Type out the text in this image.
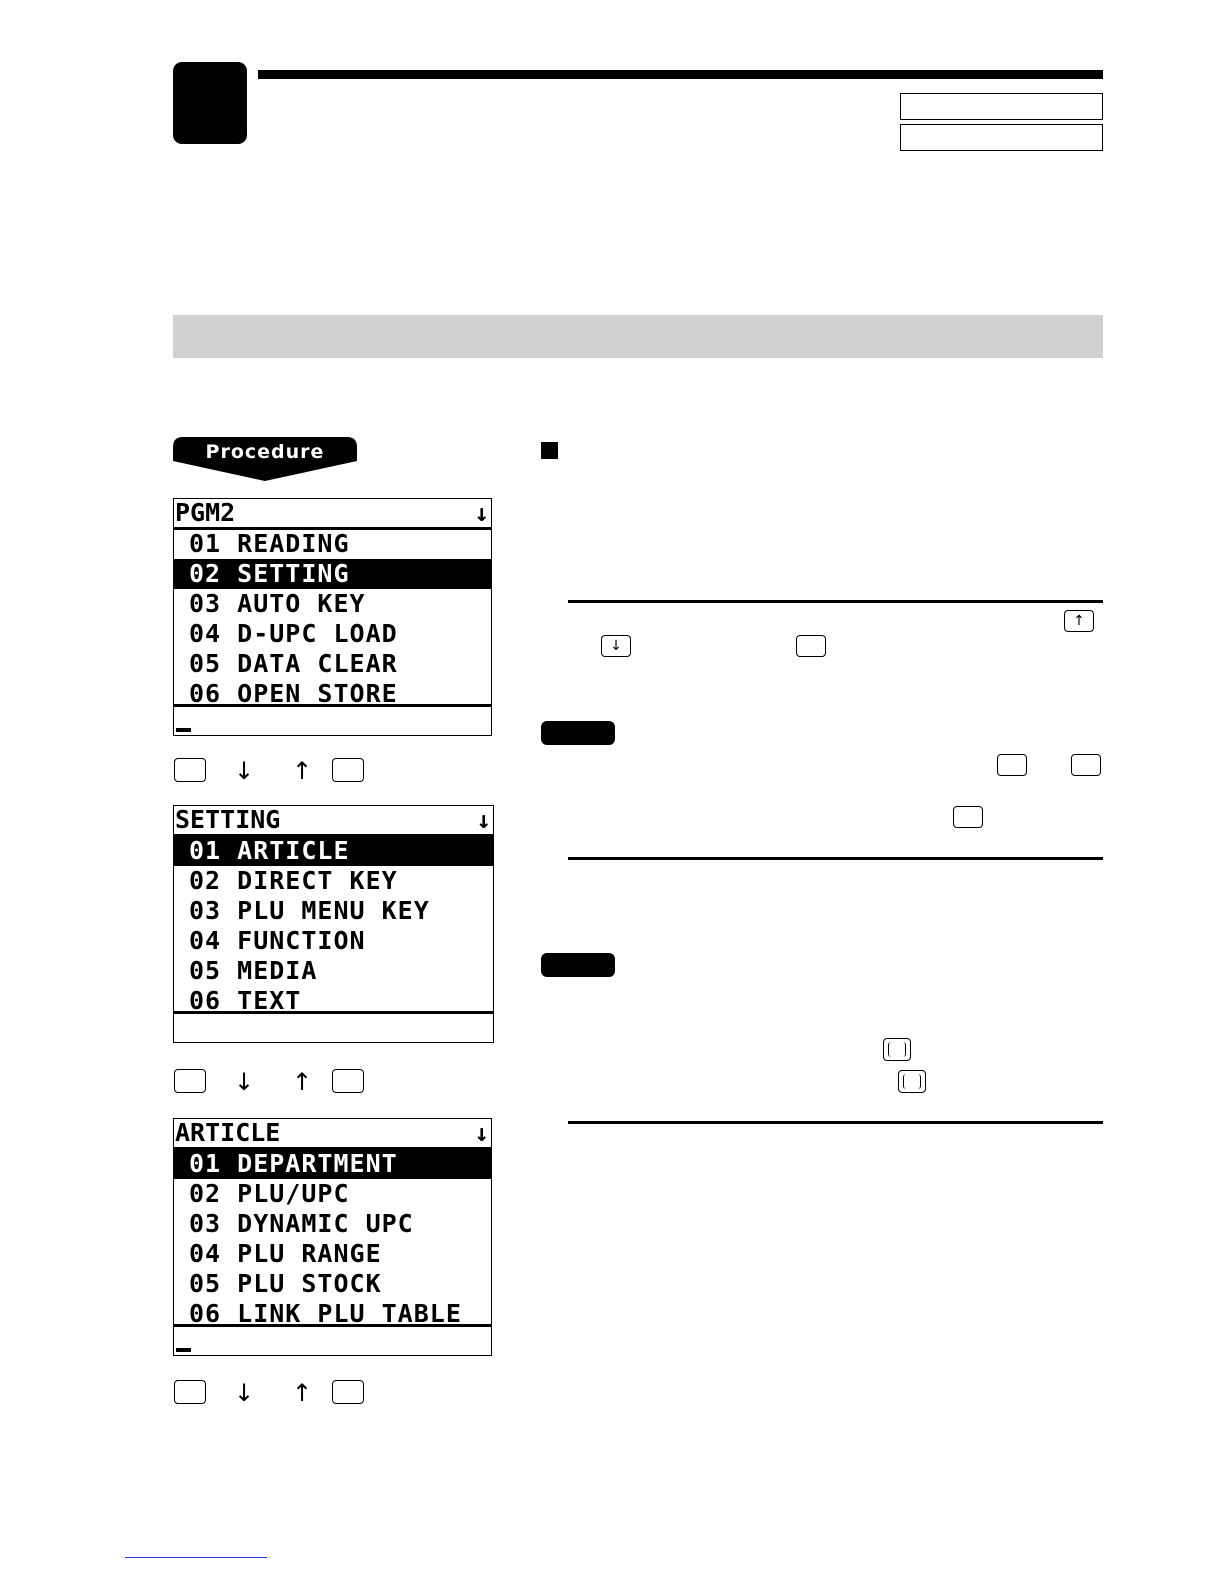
Procedure
PGM2	↓
01 READING
02 SETTING
03 AUTO KEY
04 D-UPC LOAD
05 DATA CLEAR
06 OPEN STORE
↓ ↑
SETTING	↓
01 ARTICLE
02 DIRECT KEY
03 PLU MENU KEY
04 FUNCTION
05 MEDIA
06 TEXT
↓ ↑
ARTICLE	↓
01 DEPARTMENT
02 PLU/UPC
03 DYNAMIC UPC
04 PLU RANGE
05 PLU STOCK
06 LINK PLU TABLE
↓ ↑
↑
↓
